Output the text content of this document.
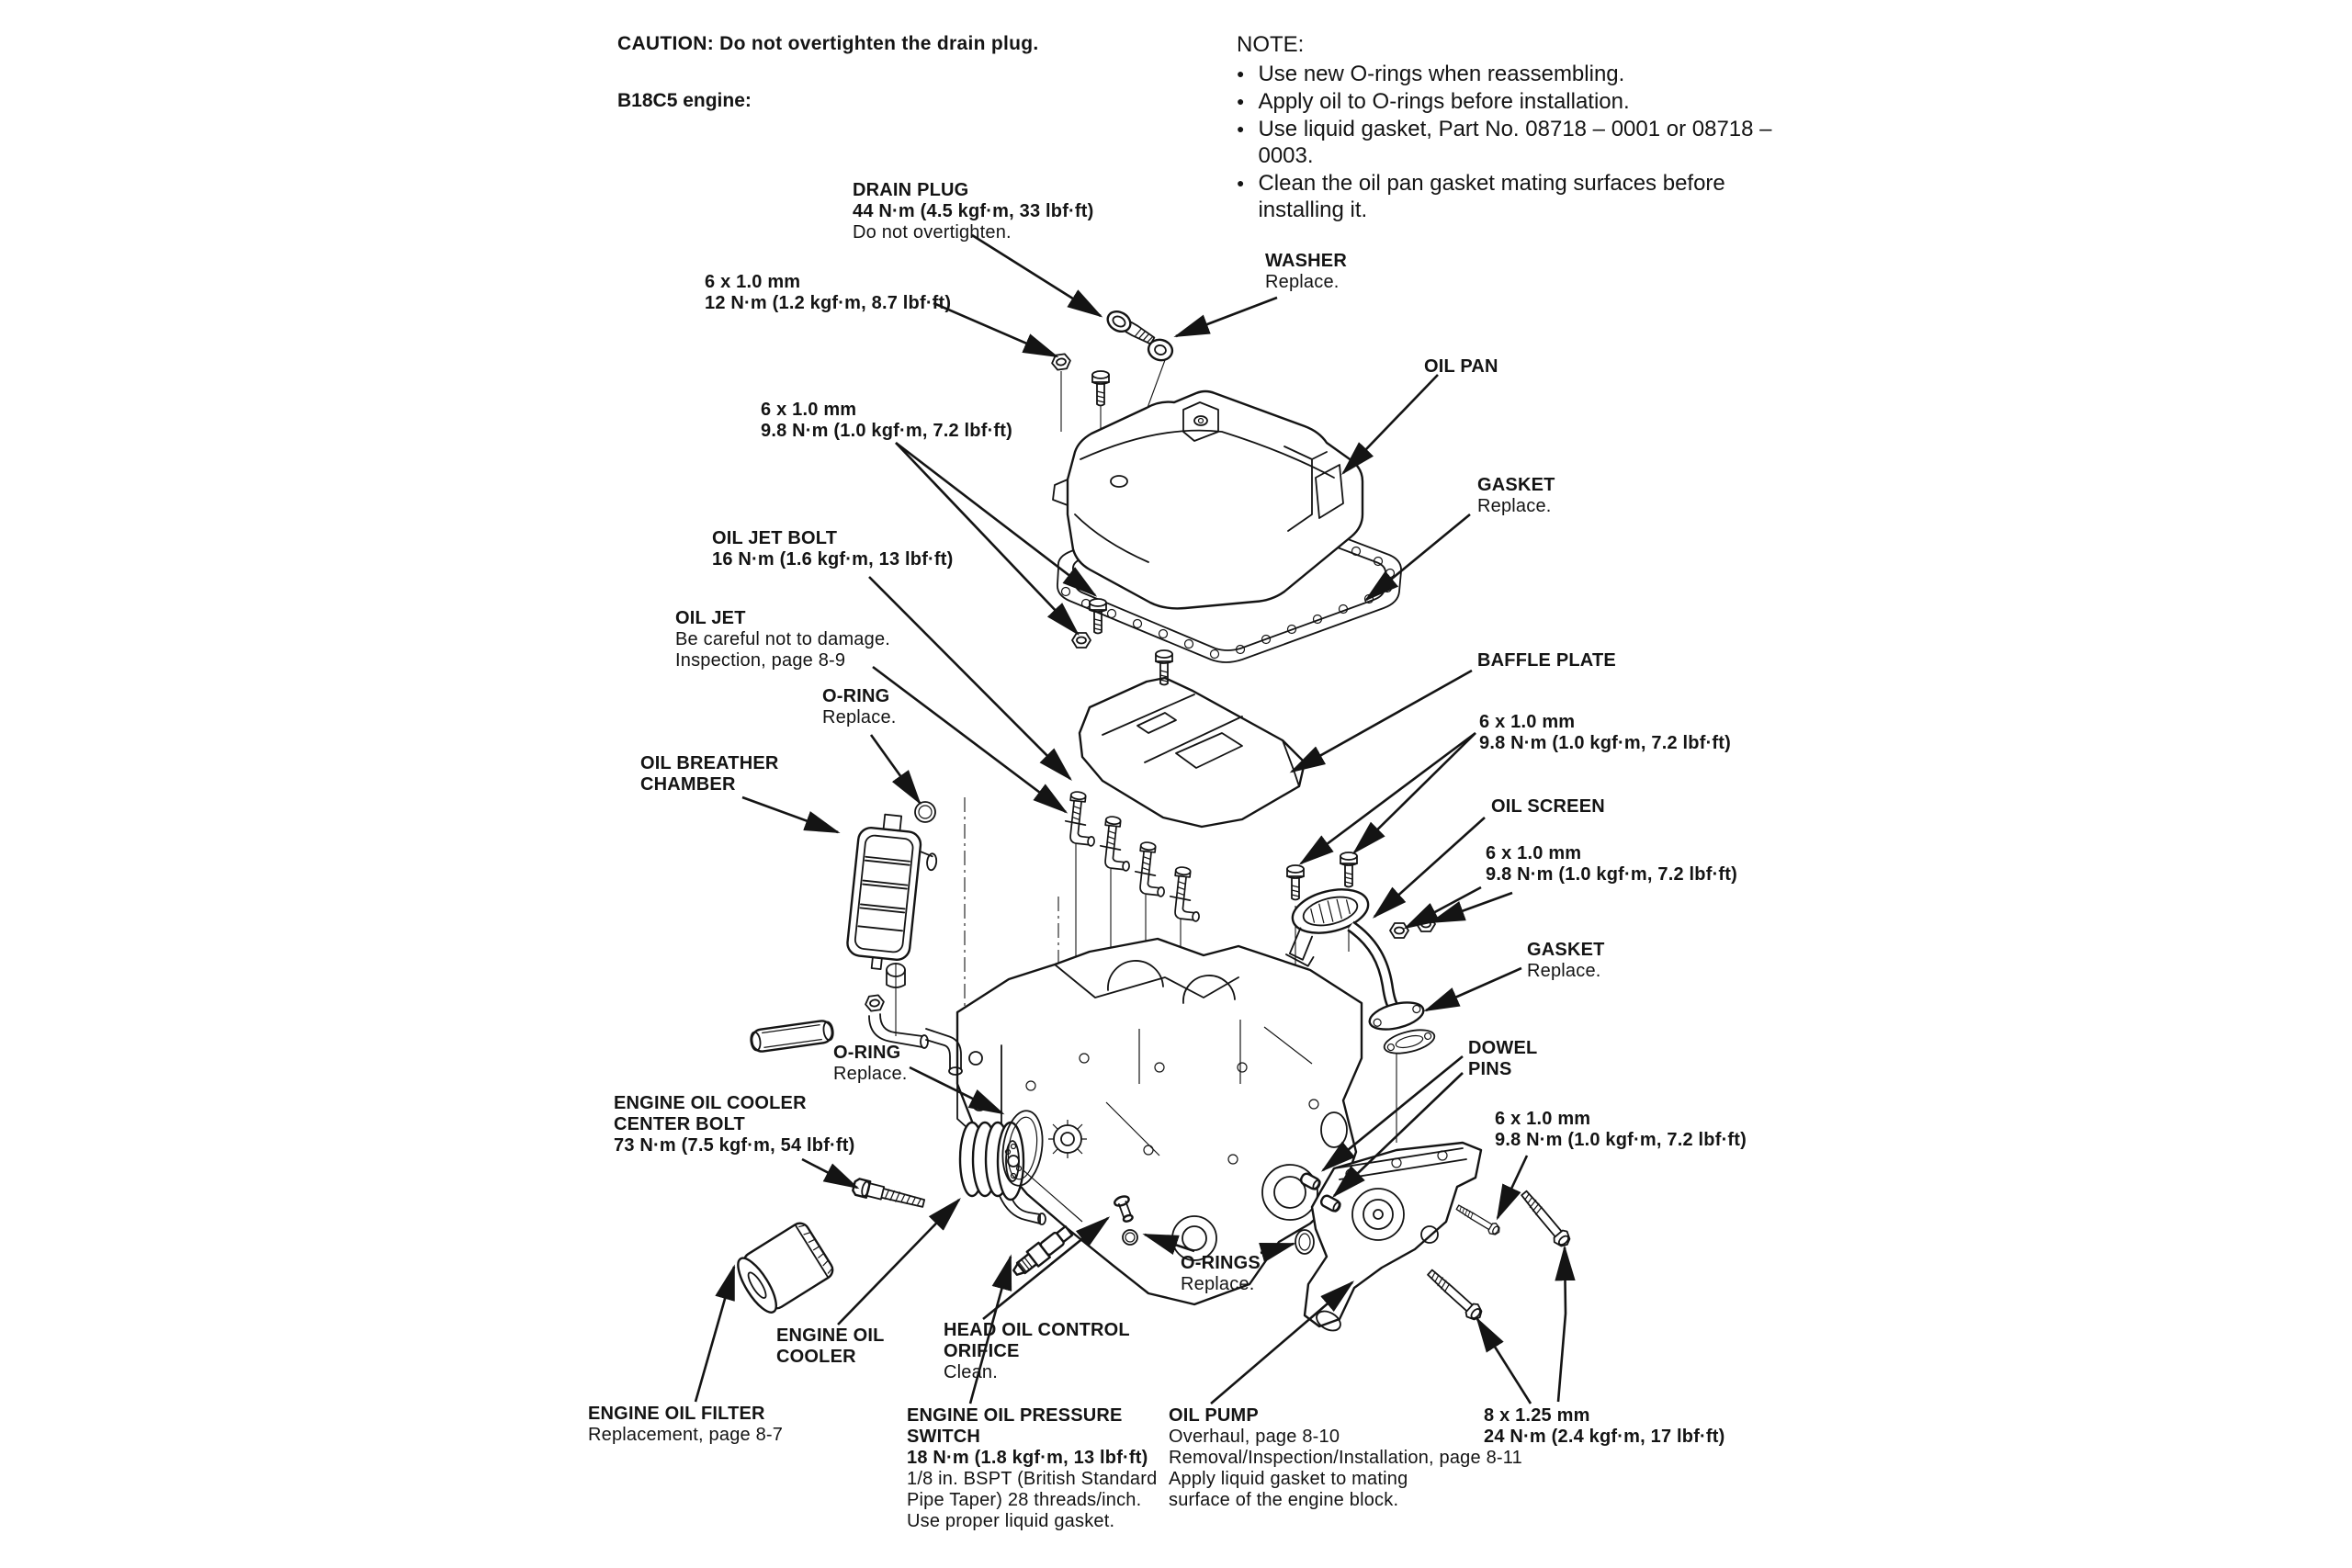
CAUTION: Do not overtighten the drain plug.
B18C5 engine:
NOTE:
● Use new O-rings when reassembling.
● Apply oil to O-rings before installation.
● Use liquid gasket, Part No. 08718 – 0001 or 08718 –
0003.
● Clean the oil pan gasket mating surfaces before
installing it.
DRAIN PLUG
44 N·m (4.5 kgf·m, 33 lbf·ft)
Do not overtighten.
6 x 1.0 mm
12 N·m (1.2 kgf·m, 8.7 lbf·ft)
WASHER
Replace.
OIL PAN
GASKET
Replace.
6 x 1.0 mm
9.8 N·m (1.0 kgf·m, 7.2 lbf·ft)
OIL JET BOLT
16 N·m (1.6 kgf·m, 13 lbf·ft)
OIL JET
Be careful not to damage.
Inspection, page 8-9
O-RING
Replace.
OIL BREATHER
CHAMBER
BAFFLE PLATE
6 x 1.0 mm
9.8 N·m (1.0 kgf·m, 7.2 lbf·ft)
OIL SCREEN
6 x 1.0 mm
9.8 N·m (1.0 kgf·m, 7.2 lbf·ft)
GASKET
Replace.
DOWEL
PINS
6 x 1.0 mm
9.8 N·m (1.0 kgf·m, 7.2 lbf·ft)
O-RING
Replace.
ENGINE OIL COOLER
CENTER BOLT
73 N·m (7.5 kgf·m, 54 lbf·ft)
ENGINE OIL
COOLER
ENGINE OIL FILTER
Replacement, page 8-7
ENGINE OIL PRESSURE
SWITCH
18 N·m (1.8 kgf·m, 13 lbf·ft)
1/8 in. BSPT (British Standard
Pipe Taper) 28 threads/inch.
Use proper liquid gasket.
HEAD OIL CONTROL
ORIFICE
Clean.
O-RINGS
Replace.
OIL PUMP
Overhaul, page 8-10
Removal/Inspection/Installation, page 8-11
Apply liquid gasket to mating
surface of the engine block.
8 x 1.25 mm
24 N·m (2.4 kgf·m, 17 lbf·ft)
